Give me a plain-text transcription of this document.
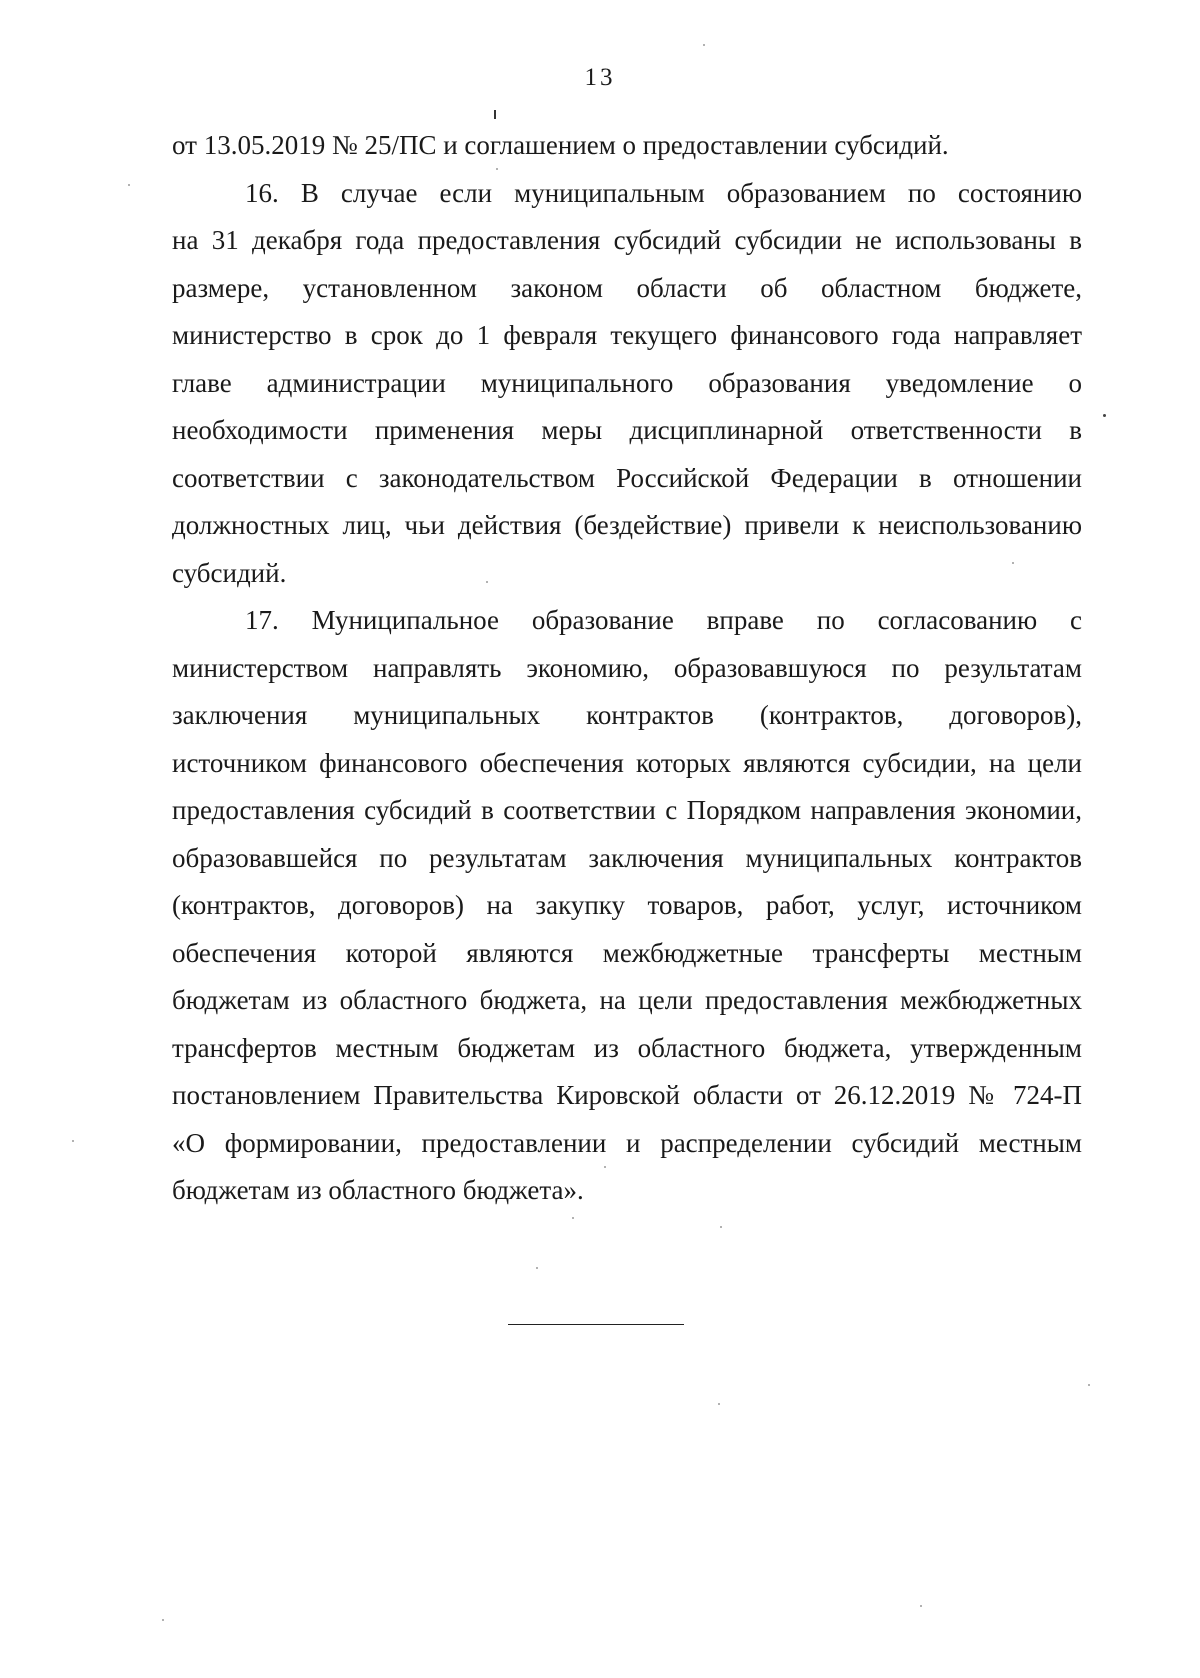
13
от 13.05.2019 № 25/ПС и соглашением о предоставлении субсидий.
16. В случае если муниципальным образованием по состоянию
на 31 декабря года предоставления субсидий субсидии не использованы в
размере, установленном законом области об областном бюджете,
министерство в срок до 1 февраля текущего финансового года направляет
главе администрации муниципального образования уведомление о
необходимости применения меры дисциплинарной ответственности в
соответствии с законодательством Российской Федерации в отношении
должностных лиц, чьи действия (бездействие) привели к неиспользованию
субсидий.
17. Муниципальное образование вправе по согласованию с
министерством направлять экономию, образовавшуюся по результатам
заключения муниципальных контрактов (контрактов, договоров),
источником финансового обеспечения которых являются субсидии, на цели
предоставления субсидий в соответствии с Порядком направления экономии,
образовавшейся по результатам заключения муниципальных контрактов
(контрактов, договоров) на закупку товаров, работ, услуг, источником
обеспечения которой являются межбюджетные трансферты местным
бюджетам из областного бюджета, на цели предоставления межбюджетных
трансфертов местным бюджетам из областного бюджета, утвержденным
постановлением Правительства Кировской области от 26.12.2019 № 724-П
«О формировании, предоставлении и распределении субсидий местным
бюджетам из областного бюджета».
